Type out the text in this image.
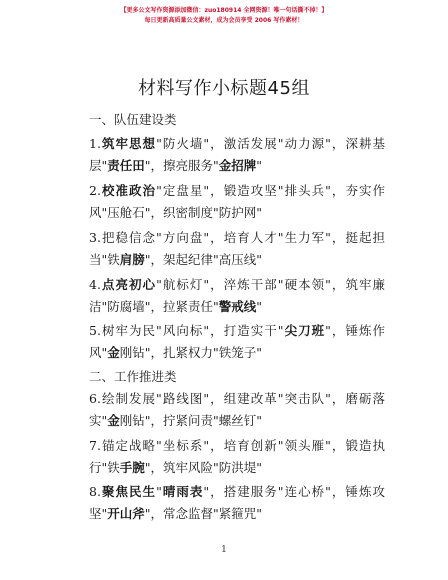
【更多公文写作资源添加微信：zuo180914 全网资源！唯一句话撕不掉！】
每日更新高质量公文素材，成为会员享受 2006 写作素材！
材料写作小标题45组
一、队伍建设类
1.筑牢思想"防火墙"，激活发展"动力源"，深耕基层"责任田"，擦亮服务"金招牌"
2.校准政治"定盘星"，锻造攻坚"排头兵"，夯实作风"压舱石"，织密制度"防护网"
3.把稳信念"方向盘"，培育人才"生力军"，挺起担当"铁肩膀"，架起纪律"高压线"
4.点亮初心"航标灯"，淬炼干部"硬本领"，筑牢廉洁"防腐墙"，拉紧责任"警戒线"
5.树牢为民"风向标"，打造实干"尖刀班"，锤炼作风"金刚钻"，扎紧权力"铁笼子"
二、工作推进类
6.绘制发展"路线图"，组建改革"突击队"，磨砺落实"金刚钻"，拧紧问责"螺丝钉"
7.锚定战略"坐标系"，培育创新"领头雁"，锻造执行"铁手腕"，筑牢风险"防洪堤"
8.聚焦民生"晴雨表"，搭建服务"连心桥"，锤炼攻坚"开山斧"，常念监督"紧箍咒"
1
